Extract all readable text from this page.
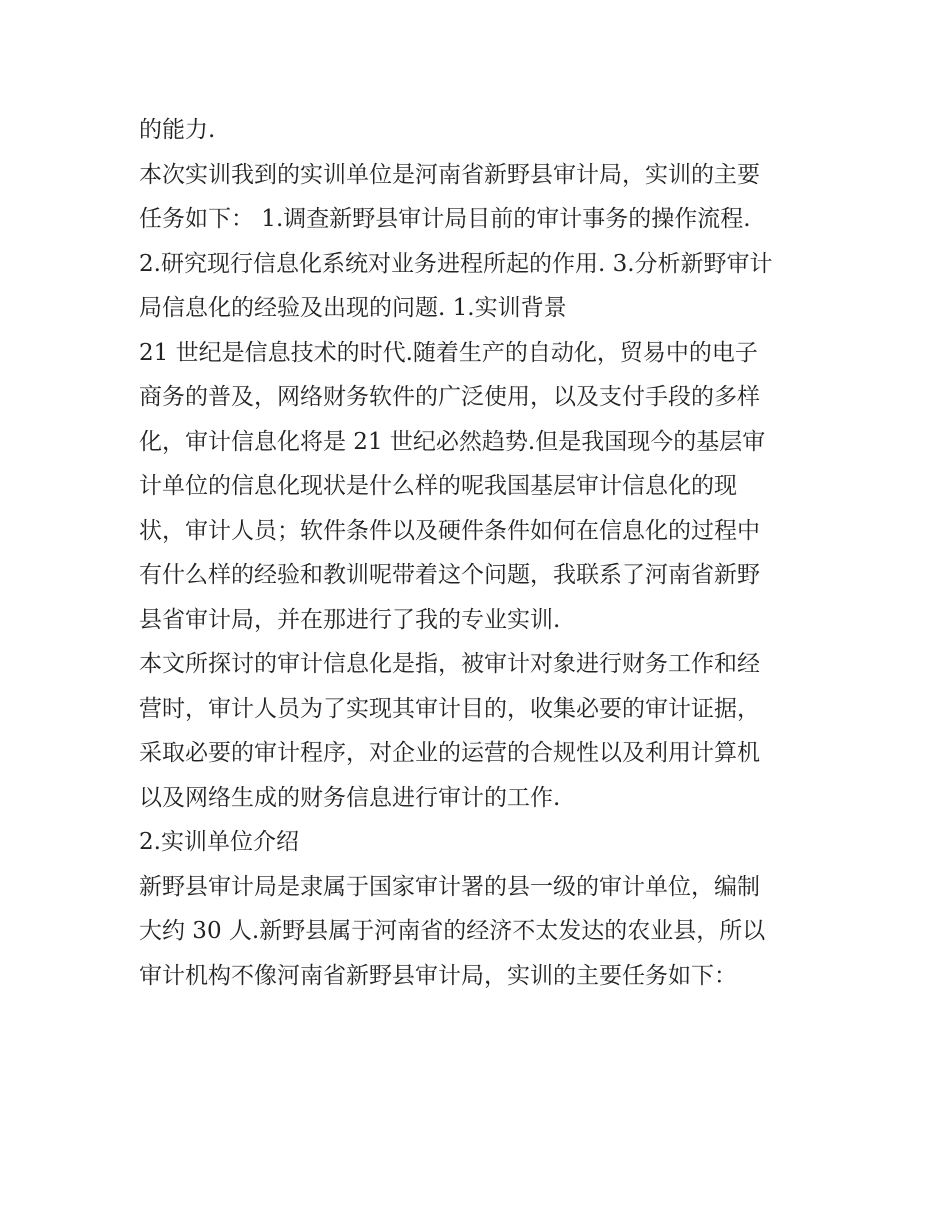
的能力.
本次实训我到的实训单位是河南省新野县审计局，实训的主要
任务如下： 1.调查新野县审计局目前的审计事务的操作流程.
2.研究现行信息化系统对业务进程所起的作用. 3.分析新野审计
局信息化的经验及出现的问题. 1.实训背景
21 世纪是信息技术的时代.随着生产的自动化，贸易中的电子
商务的普及，网络财务软件的广泛使用，以及支付手段的多样
化，审计信息化将是 21 世纪必然趋势.但是我国现今的基层审
计单位的信息化现状是什么样的呢我国基层审计信息化的现
状，审计人员；软件条件以及硬件条件如何在信息化的过程中
有什么样的经验和教训呢带着这个问题，我联系了河南省新野
县省审计局，并在那进行了我的专业实训.
本文所探讨的审计信息化是指，被审计对象进行财务工作和经
营时，审计人员为了实现其审计目的，收集必要的审计证据，
采取必要的审计程序，对企业的运营的合规性以及利用计算机
以及网络生成的财务信息进行审计的工作.
2.实训单位介绍
新野县审计局是隶属于国家审计署的县一级的审计单位，编制
大约 30 人.新野县属于河南省的经济不太发达的农业县，所以
审计机构不像河南省新野县审计局，实训的主要任务如下：
